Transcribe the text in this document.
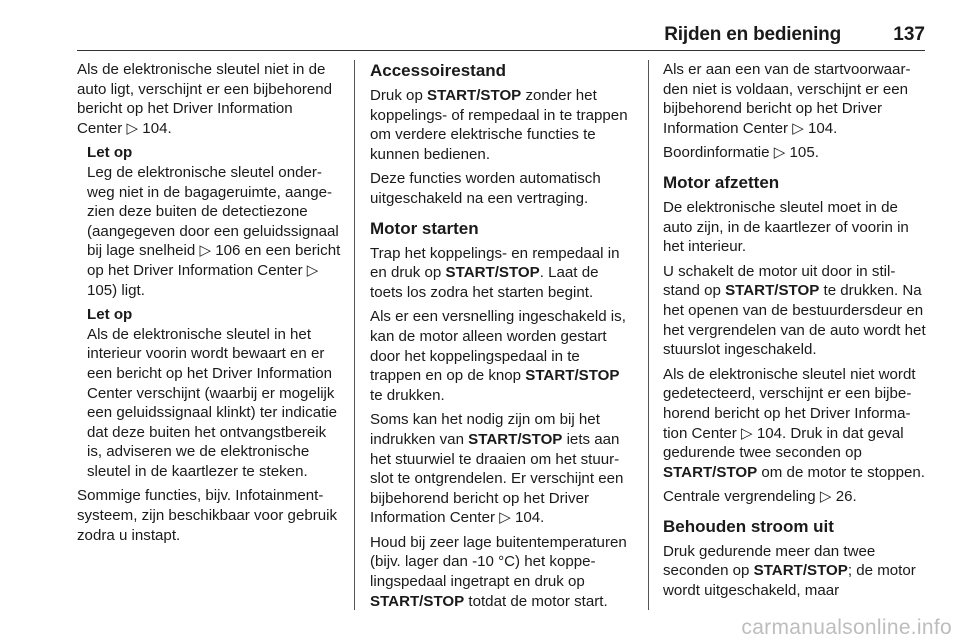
Rijden en bediening	137

Als de elektronische sleutel niet in de auto ligt, verschijnt er een bijbehorend bericht op het Driver Information Center ▷ 104.

Let op

Leg de elektronische sleutel onderweg niet in de bagageruimte, aangezien deze buiten de detectiezone (aangegeven door een geluidssignaal bij lage snelheid ▷ 106 en een bericht op het Driver Information Center ▷ 105) ligt.

Let op

Als de elektronische sleutel in het interieur voorin wordt bewaart en er een bericht op het Driver Information Center verschijnt (waarbij er mogelijk een geluidssignaal klinkt) ter indicatie dat deze buiten het ontvangstbereik is, adviseren we de elektronische sleutel in de kaartlezer te steken.

Sommige functies, bijv. Infotainmentsysteem, zijn beschikbaar voor gebruik zodra u instapt.

Accessoirestand

Druk op START/STOP zonder het koppelings- of rempedaal in te trappen om verdere elektrische functies te kunnen bedienen.

Deze functies worden automatisch uitgeschakeld na een vertraging.

Motor starten

Trap het koppelings- en rempedaal in en druk op START/STOP. Laat de toets los zodra het starten begint.

Als er een versnelling ingeschakeld is, kan de motor alleen worden gestart door het koppelingspedaal in te trappen en op de knop START/STOP te drukken.

Soms kan het nodig zijn om bij het indrukken van START/STOP iets aan het stuurwiel te draaien om het stuurslot te ontgrendelen. Er verschijnt een bijbehorend bericht op het Driver Information Center ▷ 104.

Houd bij zeer lage buitentemperaturen (bijv. lager dan -10 °C) het koppelingspedaal ingetrapt en druk op START/STOP totdat de motor start.

Als er aan een van de startvoorwaarden niet is voldaan, verschijnt er een bijbehorend bericht op het Driver Information Center ▷ 104.

Boordinformatie ▷ 105.

Motor afzetten

De elektronische sleutel moet in de auto zijn, in de kaartlezer of voorin in het interieur.

U schakelt de motor uit door in stilstand op START/STOP te drukken. Na het openen van de bestuurdersdeur en het vergrendelen van de auto wordt het stuurslot ingeschakeld.

Als de elektronische sleutel niet wordt gedetecteerd, verschijnt er een bijbehorend bericht op het Driver Information Center ▷ 104. Druk in dat geval gedurende twee seconden op START/STOP om de motor te stoppen.

Centrale vergrendeling ▷ 26.

Behouden stroom uit

Druk gedurende meer dan twee seconden op START/STOP; de motor wordt uitgeschakeld, maar

carmanualsonline.info
